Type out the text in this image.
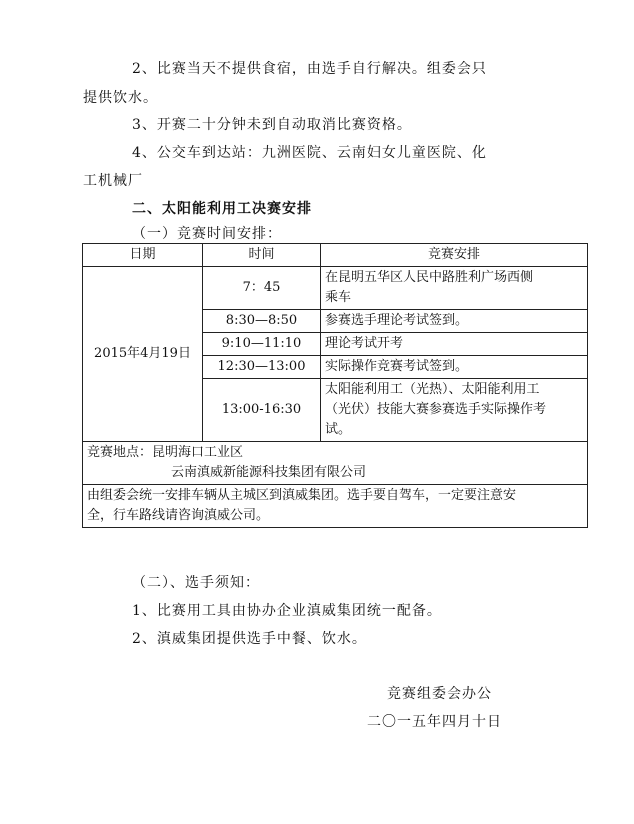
2、比赛当天不提供食宿，由选手自行解决。组委会只
提供饮水。
3、开赛二十分钟未到自动取消比赛资格。
4、公交车到达站：九洲医院、云南妇女儿童医院、化
工机械厂
二、太阳能利用工决赛安排
（一）竞赛时间安排：
日期	时间	竞赛安排
2015年4月19日	7：45	在昆明五华区人民中路胜利广场西侧
乘车

	8:30—8:50	参赛选手理论考试签到。
	9:10—11:10	理论考试开考
	12:30—13:00	实际操作竞赛考试签到。
	13:00-16:30	太阳能利用工（光热）、太阳能利用工
（光伏）技能大赛参赛选手实际操作考
试。

竞赛地点：昆明海口工业区
云南滇威新能源科技集团有限公司		

由组委会统一安排车辆从主城区到滇威集团。选手要自驾车，一定要注意安
全，行车路线请咨询滇威公司。		
（二）、选手须知：
1、比赛用工具由协办企业滇威集团统一配备。
2、滇威集团提供选手中餐、饮水。
竞赛组委会办公
二〇一五年四月十日
